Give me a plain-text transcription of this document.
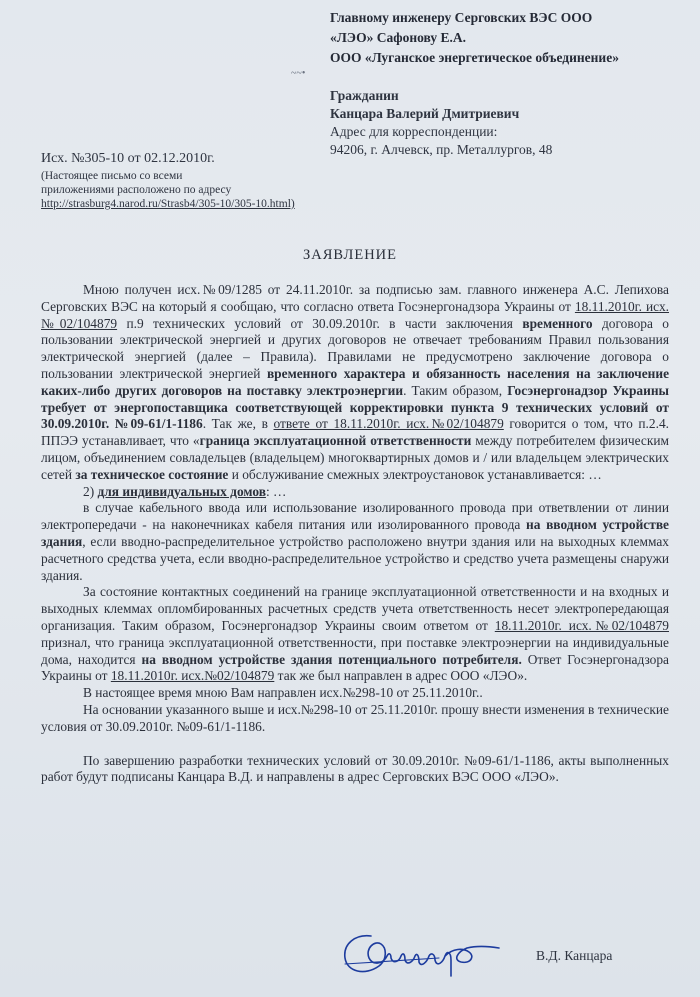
Главному инженеру Серговских ВЭС ООО
«ЛЭО» Сафонову Е.А.
ООО «Луганское энергетическое объединение»
~~•
Гражданин
Канцара Валерий Дмитриевич
Адрес для корреспонденции:
94206, г. Алчевск, пр. Металлургов, 48
Исх. №305-10 от 02.12.2010г.
(Настоящее письмо со всеми
приложениями расположено по адресу
http://strasburg4.narod.ru/Strasb4/305-10/305-10.html)
ЗАЯВЛЕНИЕ

Мною получен исх.№09/1285 от 24.11.2010г. за подписью зам. главного инженера А.С. Лепихова Серговских ВЭС на который я сообщаю, что согласно ответа Госэнергонадзора Украины от 18.11.2010г. исх.№02/104879 п.9 технических условий от 30.09.2010г. в части заключения временного договора о пользовании электрической энергией и других договоров не отвечает требованиям Правил пользования электрической энергией (далее – Правила). Правилами не предусмотрено заключение договора о пользовании электрической энергией временного характера и обязанность населения на заключение каких-либо других договоров на поставку электроэнергии. Таким образом, Госэнергонадзор Украины требует от энергопоставщика соответствующей корректировки пункта 9 технических условий от 30.09.2010г. №09-61/1-1186. Так же, в ответе от 18.11.2010г. исх.№02/104879 говорится о том, что п.2.4. ППЭЭ устанавливает, что «граница эксплуатационной ответственности между потребителем физическим лицом, объединением совладельцев (владельцем) многоквартирных домов и / или владельцем электрических сетей за техническое состояние и обслуживание смежных электроустановок устанавливается: …

2) для индивидуальных домов: …

в случае кабельного ввода или использование изолированного провода при ответвлении от линии электропередачи - на наконечниках кабеля питания или изолированного провода на вводном устройстве здания, если вводно-распределительное устройство расположено внутри здания или на выходных клеммах расчетного средства учета, если вводно-распределительное устройство и средство учета размещены снаружи здания.

За состояние контактных соединений на границе эксплуатационной ответственности и на входных и выходных клеммах опломбированных расчетных средств учета ответственность несет электропередающая организация. Таким образом, Госэнергонадзор Украины своим ответом от 18.11.2010г. исх.№02/104879 признал, что граница эксплуатационной ответственности, при поставке электроэнергии на индивидуальные дома, находится на вводном устройстве здания потенциального потребителя. Ответ Госэнергонадзора Украины от 18.11.2010г. исх.№02/104879 так же был направлен в адрес ООО «ЛЭО».

В настоящее время мною Вам направлен исх.№298-10 от 25.11.2010г..

На основании указанного выше и исх.№298-10 от 25.11.2010г. прошу внести изменения в технические условия от 30.09.2010г. №09-61/1-1186.

По завершению разработки технических условий от 30.09.2010г. №09-61/1-1186, акты выполненных работ будут подписаны Канцара В.Д. и направлены в адрес Серговских ВЭС ООО «ЛЭО».

В.Д. Канцара
